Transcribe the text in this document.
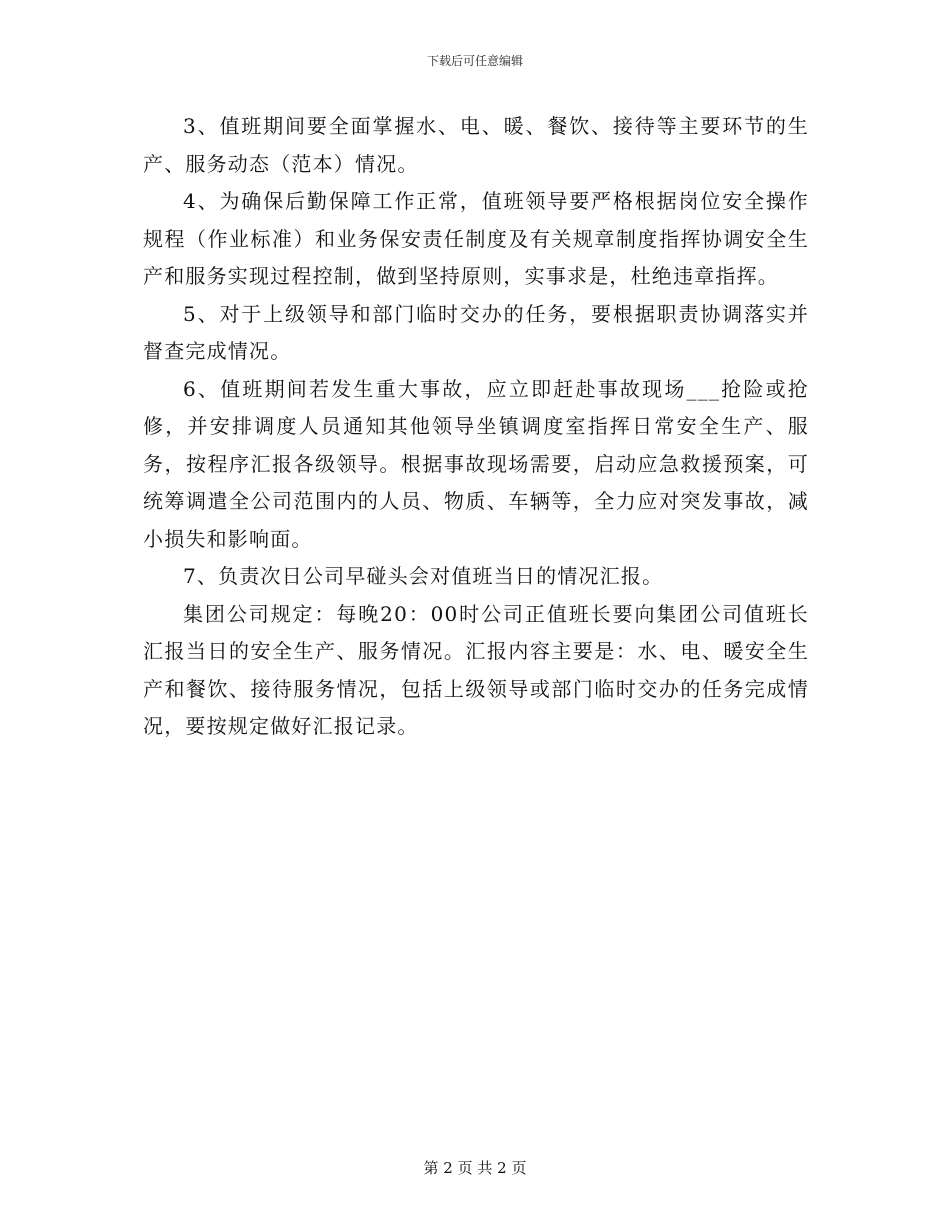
下载后可任意编辑

3、值班期间要全面掌握水、电、暖、餐饮、接待等主要环节的生产、服务动态（范本）情况。

4、为确保后勤保障工作正常，值班领导要严格根据岗位安全操作规程（作业标准）和业务保安责任制度及有关规章制度指挥协调安全生产和服务实现过程控制，做到坚持原则，实事求是，杜绝违章指挥。

5、对于上级领导和部门临时交办的任务，要根据职责协调落实并督查完成情况。

6、值班期间若发生重大事故，应立即赶赴事故现场___抢险或抢修，并安排调度人员通知其他领导坐镇调度室指挥日常安全生产、服务，按程序汇报各级领导。根据事故现场需要，启动应急救援预案，可统筹调遣全公司范围内的人员、物质、车辆等，全力应对突发事故，减小损失和影响面。

7、负责次日公司早碰头会对值班当日的情况汇报。

集团公司规定：每晚20：00时公司正值班长要向集团公司值班长汇报当日的安全生产、服务情况。汇报内容主要是：水、电、暖安全生产和餐饮、接待服务情况，包括上级领导或部门临时交办的任务完成情况，要按规定做好汇报记录。

第 2 页 共 2 页
